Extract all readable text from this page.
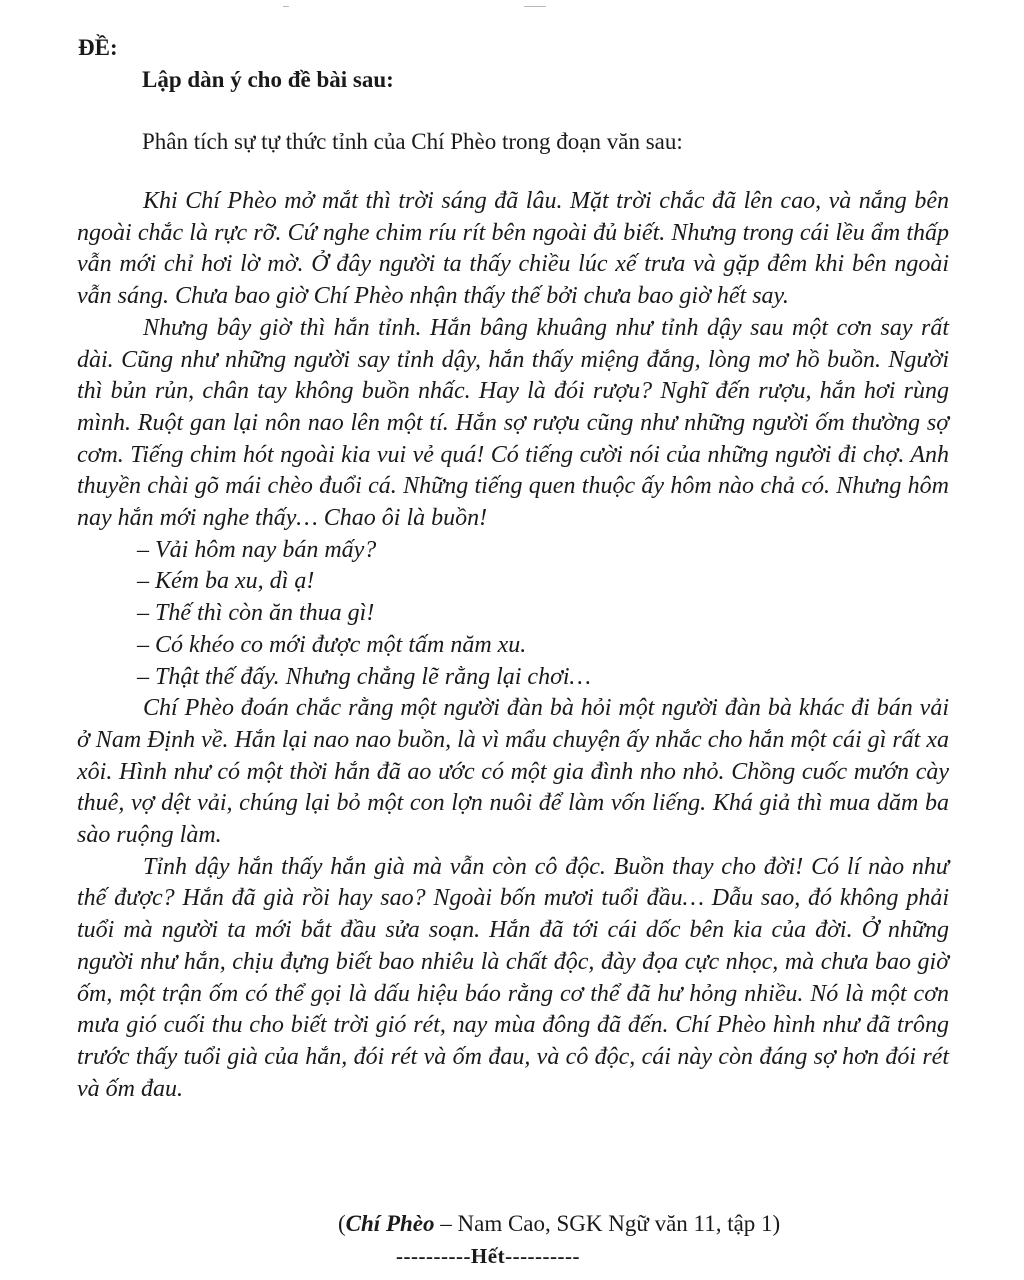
ĐỀ:
Lập dàn ý cho đề bài sau:
Phân tích sự tự thức tỉnh của Chí Phèo trong đoạn văn sau:

Khi Chí Phèo mở mắt thì trời sáng đã lâu. Mặt trời chắc đã lên cao, và nắng bên ngoài chắc là rực rỡ. Cứ nghe chim ríu rít bên ngoài đủ biết. Nhưng trong cái lều ẩm thấp vẫn mới chỉ hơi lờ mờ. Ở đây người ta thấy chiều lúc xế trưa và gặp đêm khi bên ngoài vẫn sáng. Chưa bao giờ Chí Phèo nhận thấy thế bởi chưa bao giờ hết say.

Nhưng bây giờ thì hắn tỉnh. Hắn bâng khuâng như tỉnh dậy sau một cơn say rất dài. Cũng như những người say tỉnh dậy, hắn thấy miệng đắng, lòng mơ hồ buồn. Người thì bủn rủn, chân tay không buồn nhấc. Hay là đói rượu? Nghĩ đến rượu, hắn hơi rùng mình. Ruột gan lại nôn nao lên một tí. Hắn sợ rượu cũng như những người ốm thường sợ cơm. Tiếng chim hót ngoài kia vui vẻ quá! Có tiếng cười nói của những người đi chợ. Anh thuyền chài gõ mái chèo đuổi cá. Những tiếng quen thuộc ấy hôm nào chả có. Nhưng hôm nay hắn mới nghe thấy… Chao ôi là buồn!

– Vải hôm nay bán mấy?

– Kém ba xu, dì ạ!

– Thế thì còn ăn thua gì!

– Có khéo co mới được một tấm năm xu.

– Thật thế đấy. Nhưng chẳng lẽ rằng lại chơi…

Chí Phèo đoán chắc rằng một người đàn bà hỏi một người đàn bà khác đi bán vải ở Nam Định về. Hắn lại nao nao buồn, là vì mẩu chuyện ấy nhắc cho hắn một cái gì rất xa xôi. Hình như có một thời hắn đã ao ước có một gia đình nho nhỏ. Chồng cuốc mướn cày thuê, vợ dệt vải, chúng lại bỏ một con lợn nuôi để làm vốn liếng. Khá giả thì mua dăm ba sào ruộng làm.

Tỉnh dậy hắn thấy hắn già mà vẫn còn cô độc. Buồn thay cho đời! Có lí nào như thế được? Hắn đã già rồi hay sao? Ngoài bốn mươi tuổi đầu… Dẫu sao, đó không phải tuổi mà người ta mới bắt đầu sửa soạn. Hắn đã tới cái dốc bên kia của đời. Ở những người như hắn, chịu đựng biết bao nhiêu là chất độc, đày đọa cực nhọc, mà chưa bao giờ ốm, một trận ốm có thể gọi là dấu hiệu báo rằng cơ thể đã hư hỏng nhiều. Nó là một cơn mưa gió cuối thu cho biết trời gió rét, nay mùa đông đã đến. Chí Phèo hình như đã trông trước thấy tuổi già của hắn, đói rét và ốm đau, và cô độc, cái này còn đáng sợ hơn đói rét và ốm đau.

(Chí Phèo – Nam Cao, SGK Ngữ văn 11, tập 1)
----------Hết----------
